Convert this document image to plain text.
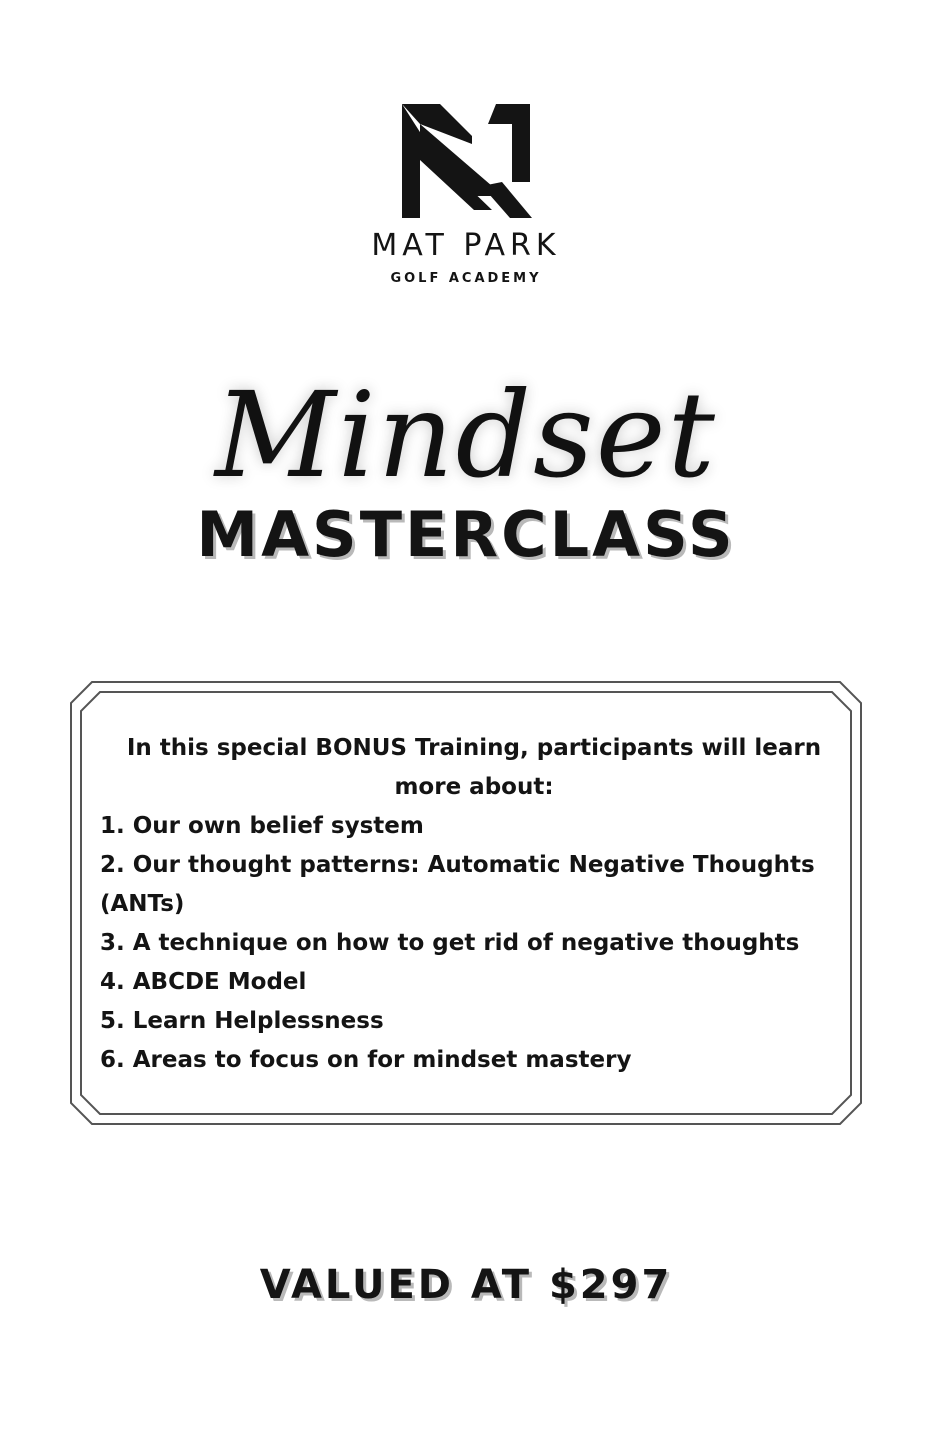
MAT PARK
GOLF ACADEMY
Mindset
MASTERCLASS
In this special BONUS Training, participants will learn more about:
1. Our own belief system
2. Our thought patterns: Automatic Negative Thoughts (ANTs)
3. A technique on how to get rid of negative thoughts
4. ABCDE Model
5. Learn Helplessness
6. Areas to focus on for mindset mastery
VALUED AT $297
